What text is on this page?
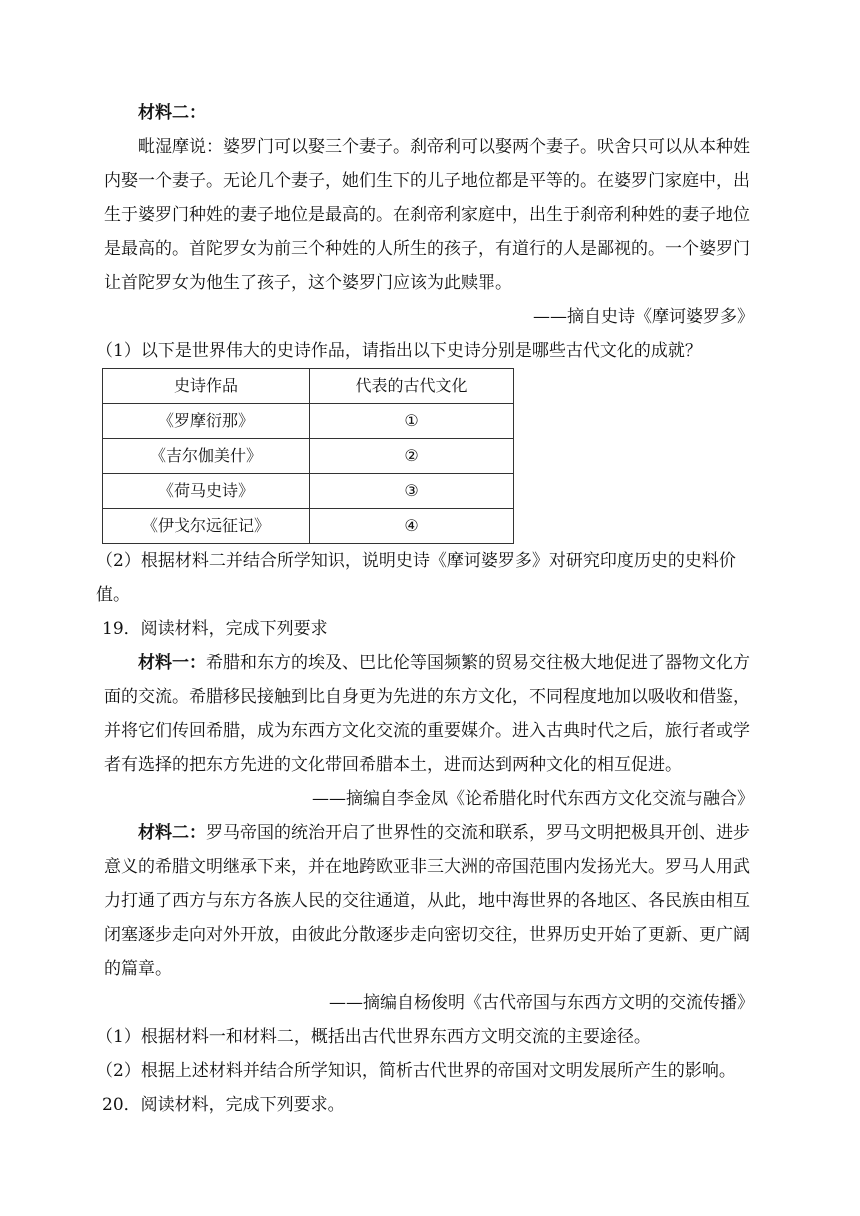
材料二：

毗湿摩说：婆罗门可以娶三个妻子。刹帝利可以娶两个妻子。吠舍只可以从本种姓内娶一个妻子。无论几个妻子，她们生下的儿子地位都是平等的。在婆罗门家庭中，出生于婆罗门种姓的妻子地位是最高的。在刹帝利家庭中，出生于刹帝利种姓的妻子地位是最高的。首陀罗女为前三个种姓的人所生的孩子，有道行的人是鄙视的。一个婆罗门让首陀罗女为他生了孩子，这个婆罗门应该为此赎罪。

——摘自史诗《摩诃婆罗多》

（1）以下是世界伟大的史诗作品，请指出以下史诗分别是哪些古代文化的成就？

史诗作品	代表的古代文化
《罗摩衍那》	①
《吉尔伽美什》	②
《荷马史诗》	③
《伊戈尔远征记》	④

（2）根据材料二并结合所学知识，说明史诗《摩诃婆罗多》对研究印度历史的史料价值。

19．阅读材料，完成下列要求

材料一：希腊和东方的埃及、巴比伦等国频繁的贸易交往极大地促进了器物文化方面的交流。希腊移民接触到比自身更为先进的东方文化，不同程度地加以吸收和借鉴，并将它们传回希腊，成为东西方文化交流的重要媒介。进入古典时代之后，旅行者或学者有选择的把东方先进的文化带回希腊本土，进而达到两种文化的相互促进。

——摘编自李金凤《论希腊化时代东西方文化交流与融合》

材料二：罗马帝国的统治开启了世界性的交流和联系，罗马文明把极具开创、进步意义的希腊文明继承下来，并在地跨欧亚非三大洲的帝国范围内发扬光大。罗马人用武力打通了西方与东方各族人民的交往通道，从此，地中海世界的各地区、各民族由相互闭塞逐步走向对外开放，由彼此分散逐步走向密切交往，世界历史开始了更新、更广阔的篇章。

——摘编自杨俊明《古代帝国与东西方文明的交流传播》

（1）根据材料一和材料二，概括出古代世界东西方文明交流的主要途径。

（2）根据上述材料并结合所学知识，简析古代世界的帝国对文明发展所产生的影响。

20．阅读材料，完成下列要求。
